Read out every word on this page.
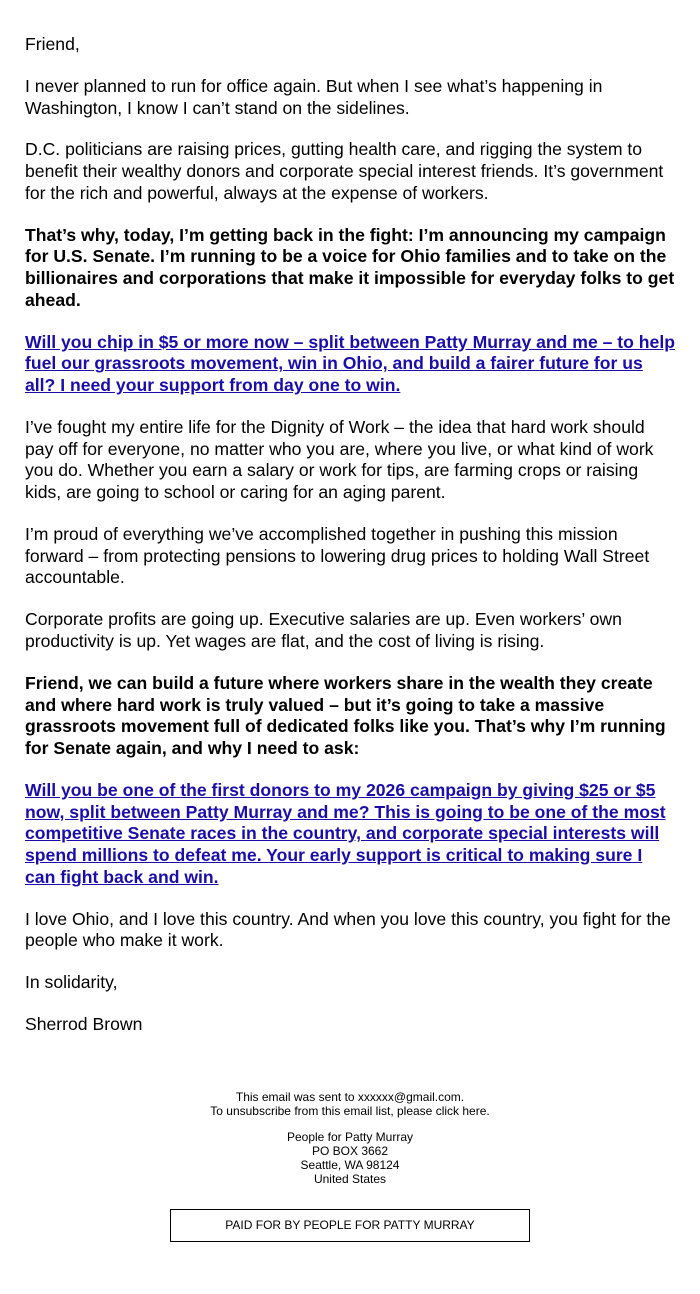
Friend,

I never planned to run for office again. But when I see what’s happening in Washington, I know I can’t stand on the sidelines.

D.C. politicians are raising prices, gutting health care, and rigging the system to benefit their wealthy donors and corporate special interest friends. It’s government for the rich and powerful, always at the expense of workers.

That’s why, today, I’m getting back in the fight: I’m announcing my campaign for U.S. Senate. I’m running to be a voice for Ohio families and to take on the billionaires and corporations that make it impossible for everyday folks to get ahead.

Will you chip in $5 or more now – split between Patty Murray and me – to help fuel our grassroots movement, win in Ohio, and build a fairer future for us all? I need your support from day one to win.

I’ve fought my entire life for the Dignity of Work – the idea that hard work should pay off for everyone, no matter who you are, where you live, or what kind of work you do. Whether you earn a salary or work for tips, are farming crops or raising kids, are going to school or caring for an aging parent.

I’m proud of everything we’ve accomplished together in pushing this mission forward – from protecting pensions to lowering drug prices to holding Wall Street accountable.

Corporate profits are going up. Executive salaries are up. Even workers’ own productivity is up. Yet wages are flat, and the cost of living is rising.

Friend, we can build a future where workers share in the wealth they create and where hard work is truly valued – but it’s going to take a massive grassroots movement full of dedicated folks like you. That’s why I’m running for Senate again, and why I need to ask:

Will you be one of the first donors to my 2026 campaign by giving $25 or $5 now, split between Patty Murray and me? This is going to be one of the most competitive Senate races in the country, and corporate special interests will spend millions to defeat me. Your early support is critical to making sure I can fight back and win.

I love Ohio, and I love this country. And when you love this country, you fight for the people who make it work.

In solidarity,

Sherrod Brown

This email was sent to xxxxxx@gmail.com.

To unsubscribe from this email list, please click here.

People for Patty Murray

PO BOX 3662

Seattle, WA 98124

United States

PAID FOR BY PEOPLE FOR PATTY MURRAY
